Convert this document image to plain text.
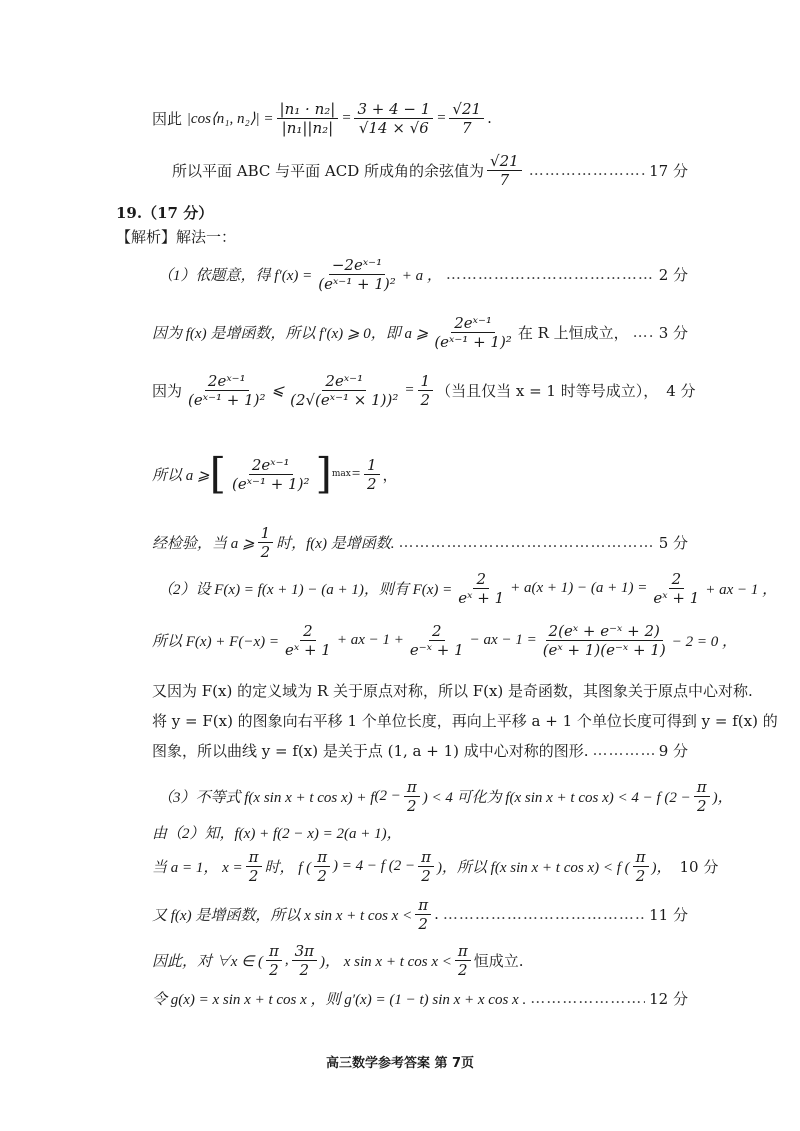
因此
|cos⟨n₁, n₂⟩| = $\frac{\text{|n₁ · n₂|}}{\text{|n₁||n₂|}} = \frac{3 + 4 - 1}{√14 \times √6} = \frac{√21}{7}$ .
所以平面 ABC 与平面 ACD 所成角的余弦值为 $\frac{√21}{7}$ …………………………………………………………………………………………………………………………………………………………………………	17 分
19.（17 分）
【解析】解法一：
（1）依题意，得 $f'(x) = \frac{\text{−2eˣ⁻¹}}{\text{(eˣ⁻¹ + 1)²}} + a$ ， …………………………………………………………………………………………………………………………………………………………………………	2 分
因为 f(x) 是增函数，所以 f′(x) ⩾ 0，即 a ⩾ $\frac{\text{2eˣ⁻¹}}{\text{(eˣ⁻¹ + 1)²}}$ 在 R 上恒成立， ………………………………………………………………………………………………………………………………………………………………………… 3 分
因为 $\frac{\text{2eˣ⁻¹}}{\text{(eˣ⁻¹ + 1)²}}$ ⩽ $\frac{\text{2eˣ⁻¹}}{\text{(2√(eˣ⁻¹ × 1))²}} = \frac{1}{2}$ （当且仅当 x = 1 时等号成立）， 4 分
所以 a ⩾ [ $\frac{\text{2eˣ⁻¹}}{\text{(eˣ⁻¹ + 1)²}}$ ] $\max = \frac{1}{2}$ ，
经检验，当 a ⩾ $\frac{1}{2}$ 时，f(x) 是增函数. …………………………………………………………………………………………………………………………………………………………………………	5 分
（2）设 F(x) = f(x + 1) − (a + 1)，则有 $F(x) = \frac{2}{\text{eˣ + 1}} + a(x + 1) - (a + 1) = \frac{2}{\text{eˣ + 1}}$ + ax − 1 ，
所以 $F(x) + F(-x) = \frac{2}{\text{eˣ + 1}}$ + ax − $1 + \frac{2}{\text{e⁻ˣ + 1}}$ − ax − $1 = \frac{\text{2(eˣ + e⁻ˣ + 2)}}{\text{(eˣ + 1)(e⁻ˣ + 1)}} - 2 = 0$ ，
又因为 F(x) 的定义域为 R 关于原点对称，所以 F(x) 是奇函数，其图象关于原点中心对称.
将 y = F(x) 的图象向右平移 1 个单位长度，再向上平移 a + 1 个单位长度可得到 y = f(x) 的
图象，所以曲线 y = f(x) 是关于点 (1, a + 1) 成中心对称的图形. …………………………………………………………………………………………………………………………………………………………………………	9 分
（3）不等式 f(x sin x + t cos x) + f ($2 - \frac{\pi}{2}$ ) < 4 可化为 f(x sin x + t cos x) < 4 − f ($2 - \frac{\pi}{2}$ )，
由（2）知，f(x) + f(2 − x) = 2(a + 1)，
当 a = 1， $x = \frac{\pi}{2}$ 时， f ( $\frac{\pi}{2}$ ) = 4 − f ($2 - \frac{\pi}{2}$ )，所以 f(x sin x + t cos x) < f ( $\frac{\pi}{2}$ )， 10 分
又 f(x) 是增函数，所以 x sin x + t $\cos x < \frac{\pi}{2}$ . …………………………………………………………………………………………………………………………………………………………………………	11 分
因此，对 ∀x ∈ ( $\frac{\pi}{2}$ , $\frac{3\pi}{2}$ )， x sin x + t $\cos x < \frac{\pi}{2}$ 恒成立.
令 g(x) = x sin x + t cos x ，则 g′(x) = (1 − t) sin x + x cos x . …………………………………………………………………………………………………………………………………………………………………………	12 分
高三数学参考答案 第 7页
